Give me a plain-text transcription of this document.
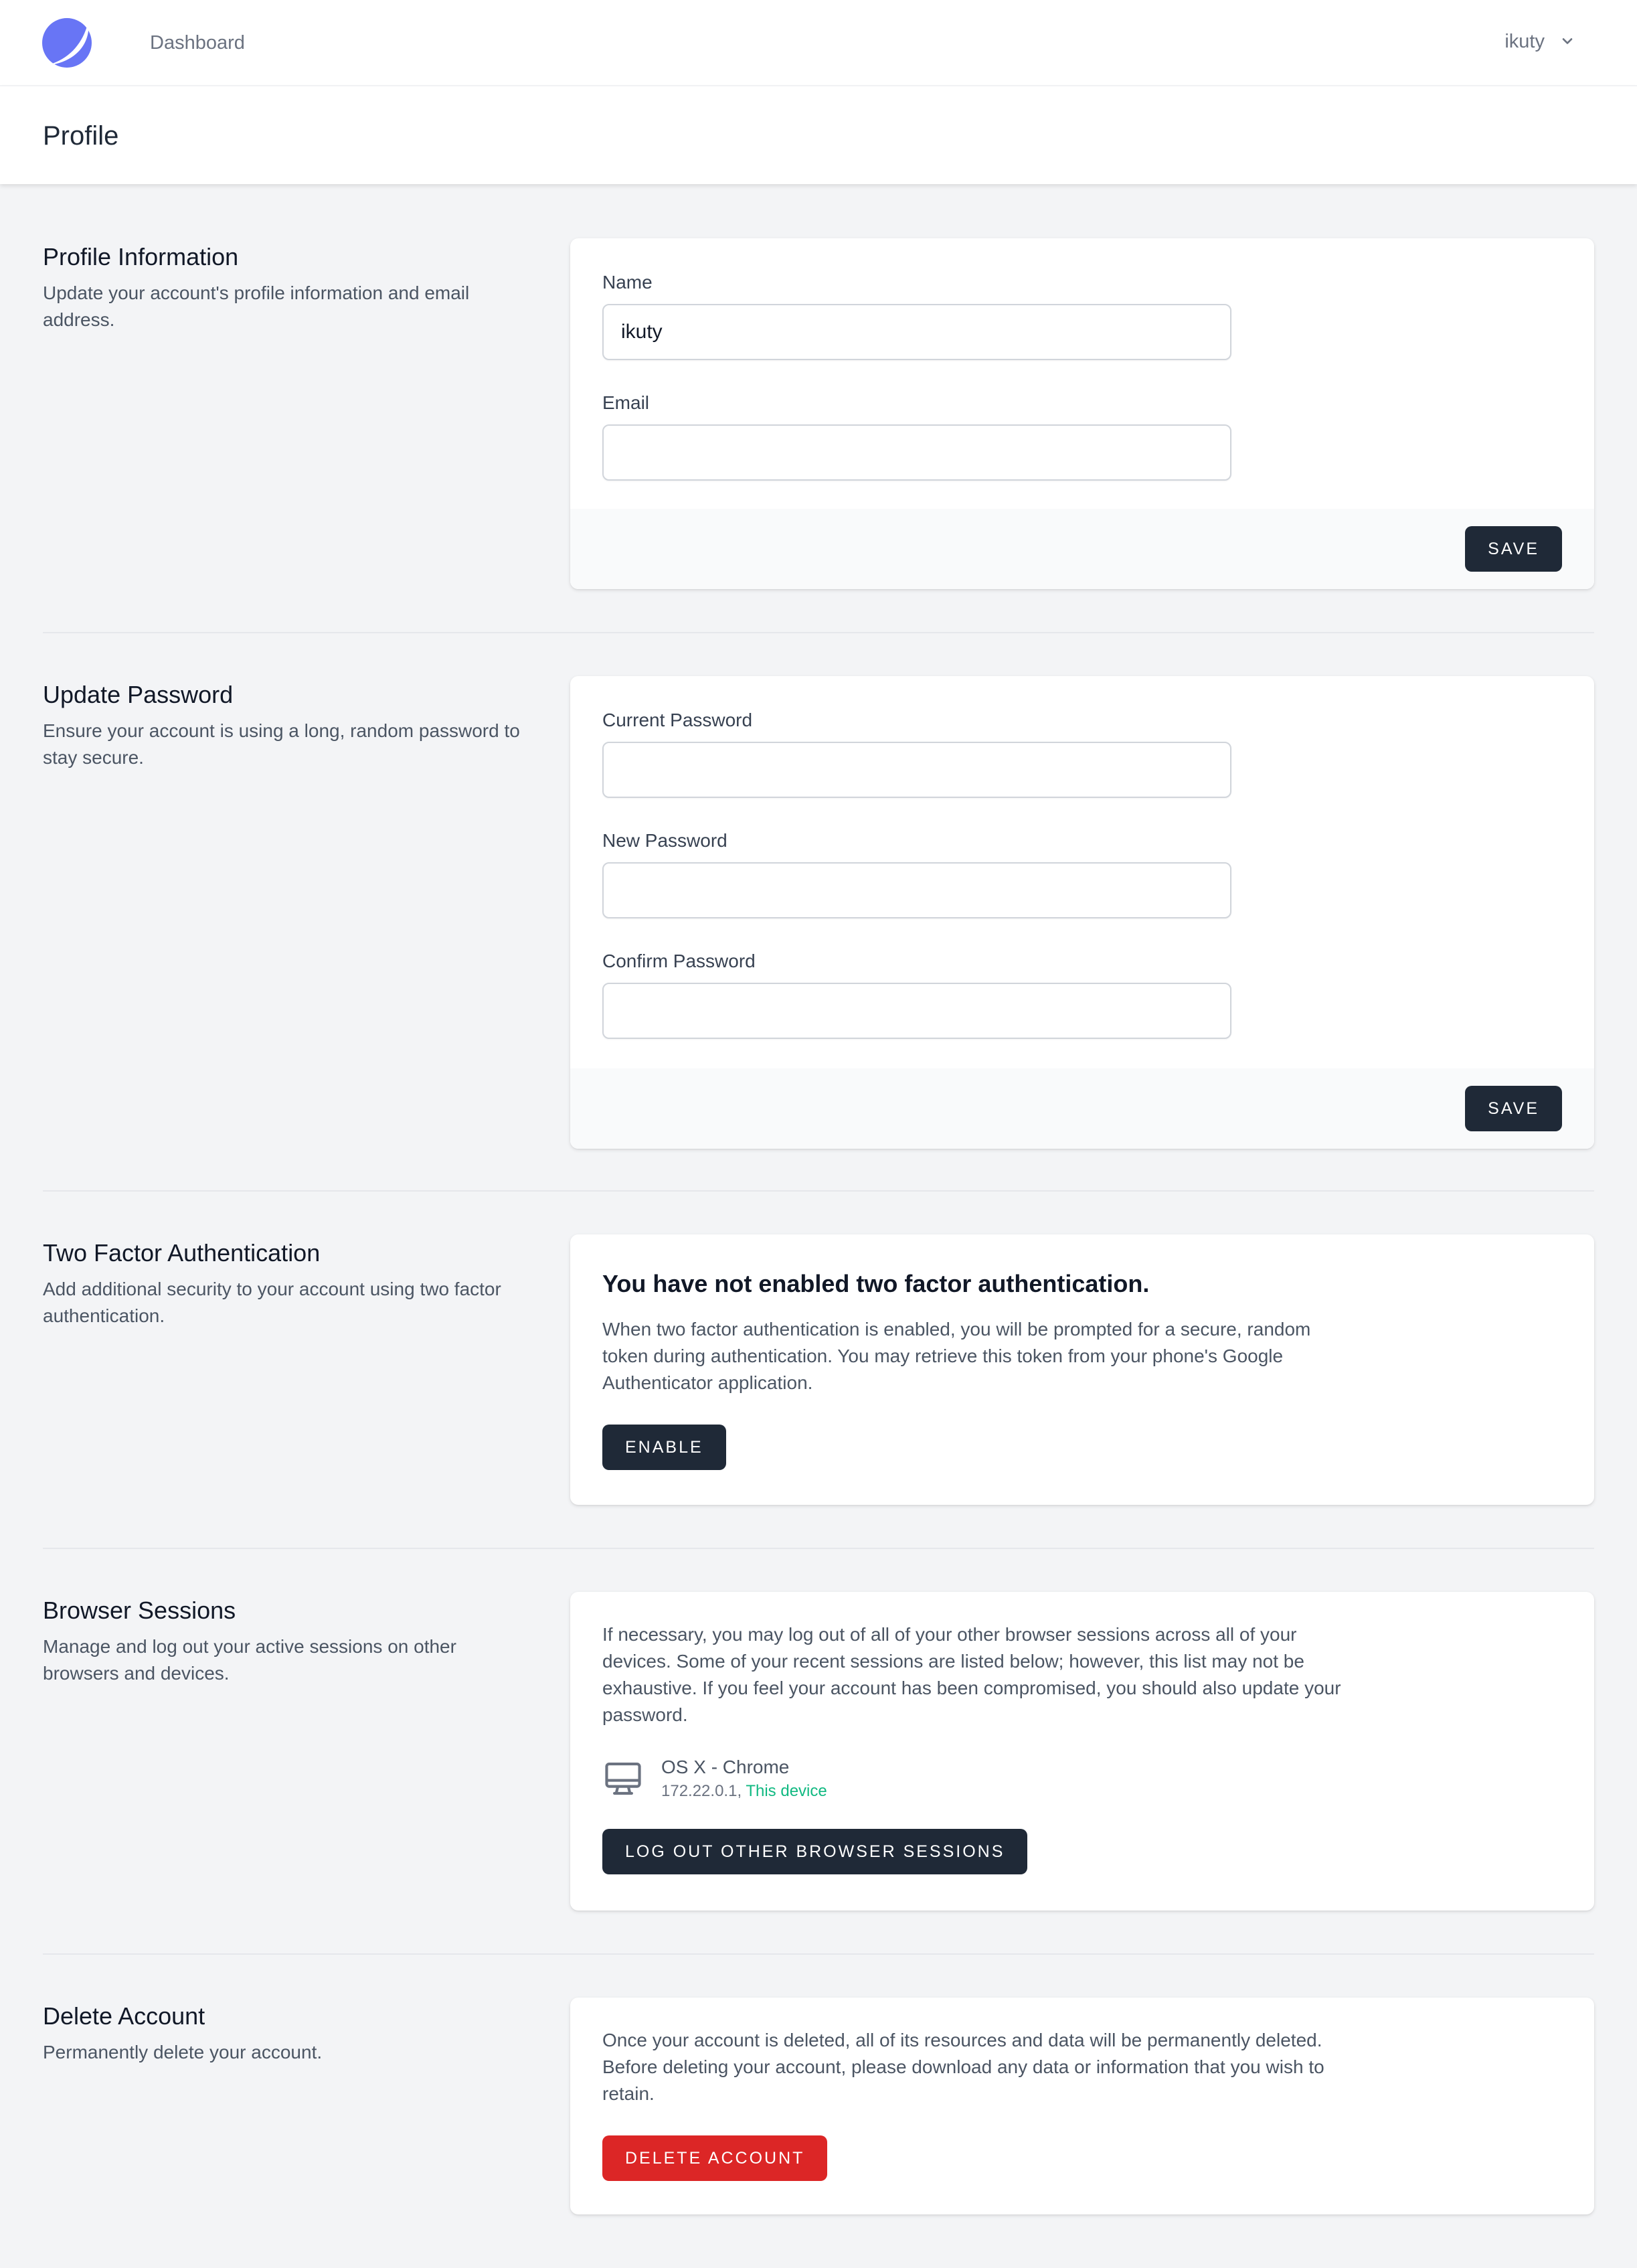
Dashboard	ikuty
Profile
Profile Information

Update your account's profile information and email address.

Name
ikuty
Email
SAVE
Update Password

Ensure your account is using a long, random password to stay secure.

Current Password
New Password
Confirm Password
SAVE
Two Factor Authentication

Add additional security to your account using two factor authentication.

You have not enabled two factor authentication.

When two factor authentication is enabled, you will be prompted for a secure, random token during authentication. You may retrieve this token from your phone's Google Authenticator application.

ENABLE
Browser Sessions

Manage and log out your active sessions on other browsers and devices.

If necessary, you may log out of all of your other browser sessions across all of your devices. Some of your recent sessions are listed below; however, this list may not be exhaustive. If you feel your account has been compromised, you should also update your password.

OS X - Chrome
172.22.0.1, This device
LOG OUT OTHER BROWSER SESSIONS
Delete Account

Permanently delete your account.

Once your account is deleted, all of its resources and data will be permanently deleted. Before deleting your account, please download any data or information that you wish to retain.

DELETE ACCOUNT
